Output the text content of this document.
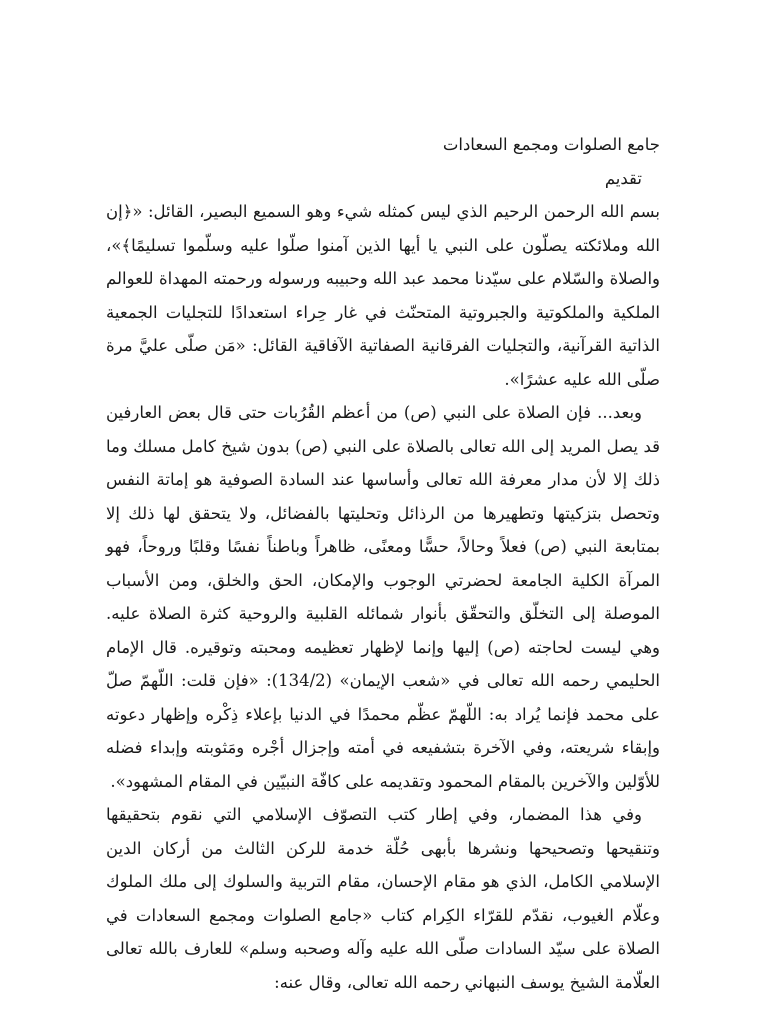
جامع الصلوات ومجمع السعادات

تقديم

بسم الله الرحمن الرحيم الذي ليس كمثله شيء وهو السميع البصير، القائل: «﴿إن الله وملائكته يصلّون على النبي يا أيها الذين آمنوا صلّوا عليه وسلّموا تسليمًا﴾»، والصلاة والسّلام على سيّدنا محمد عبد الله وحبيبه ورسوله ورحمته المهداة للعوالم الملكية والملكوتية والجبروتية المتحنّث في غار حِراء استعدادًا للتجليات الجمعية الذاتية القرآنية، والتجليات الفرقانية الصفاتية الآفاقية القائل: «مَن صلّى عليَّ مرة صلّى الله عليه عشرًا».

وبعد... فإن الصلاة على النبي (ص) من أعظم القُرُبات حتى قال بعض العارفين قد يصل المريد إلى الله تعالى بالصلاة على النبي (ص) بدون شيخ كامل مسلك وما ذلك إلا لأن مدار معرفة الله تعالى وأساسها عند السادة الصوفية هو إماتة النفس وتحصل بتزكيتها وتطهيرها من الرذائل وتحليتها بالفضائل، ولا يتحقق لها ذلك إلا بمتابعة النبي (ص) فعلاً وحالاً، حسًّا ومعنًى، ظاهراً وباطناً نفسًا وقلبًا وروحاً، فهو المرآة الكلية الجامعة لحضرتي الوجوب والإمكان، الحق والخلق، ومن الأسباب الموصلة إلى التخلّق والتحقّق بأنوار شمائله القلبية والروحية كثرة الصلاة عليه. وهي ليست لحاجته (ص) إليها وإنما لإظهار تعظيمه ومحبته وتوقيره. قال الإمام الحليمي رحمه الله تعالى في «شعب الإيمان» (134/2): «فإن قلت: اللّهمّ صلّ على محمد فإنما يُراد به: اللّهمّ عظّم محمدًا في الدنيا بإعلاء ذِكْره وإظهار دعوته وإبقاء شريعته، وفي الآخرة بتشفيعه في أمته وإجزال أجْره ومَثوبته وإبداء فضله للأوّلين والآخرين بالمقام المحمود وتقديمه على كافّة النبيّين في المقام المشهود».

وفي هذا المضمار، وفي إطار كتب التصوّف الإسلامي التي نقوم بتحقيقها وتنقيحها وتصحيحها ونشرها بأبهى حُلّة خدمة للركن الثالث من أركان الدين الإسلامي الكامل، الذي هو مقام الإحسان، مقام التربية والسلوك إلى ملك الملوك وعلّام الغيوب، نقدّم للقرّاء الكِرام كتاب «جامع الصلوات ومجمع السعادات في الصلاة على سيّد السادات صلّى الله عليه وآله وصحبه وسلم» للعارف بالله تعالى العلّامة الشيخ يوسف النبهاني رحمه الله تعالى، وقال عنه:
